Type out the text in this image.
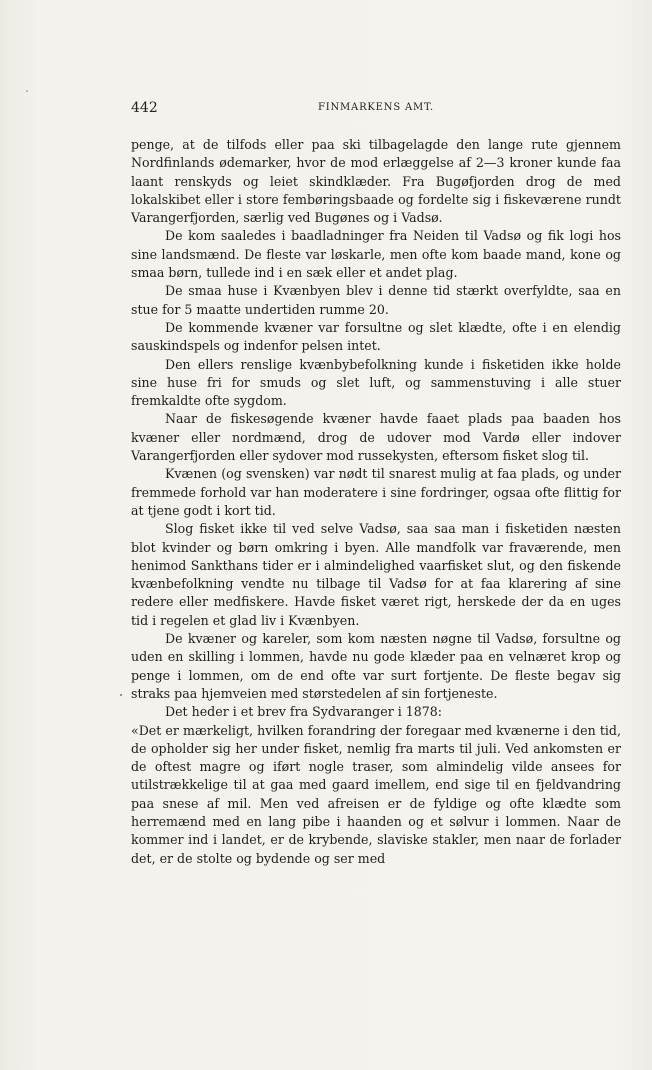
442	FINMARKENS AMT.

penge, at de tilfods eller paa ski tilbagelagde den lange rute gjennem Nordfinlands ødemarker, hvor de mod erlæggelse af 2—3 kroner kunde faa laant renskyds og leiet skindklæder. Fra Bugøfjorden drog de med lokalskibet eller i store fembøringsbaade og fordelte sig i fiskeværene rundt Varangerfjorden, særlig ved Bugønes og i Vadsø.

De kom saaledes i baadladninger fra Neiden til Vadsø og fik logi hos sine landsmænd. De fleste var løskarle, men ofte kom baade mand, kone og smaa børn, tullede ind i en sæk eller et andet plag.

De smaa huse i Kvænbyen blev i denne tid stærkt overfyldte, saa en stue for 5 maatte undertiden rumme 20.

De kommende kvæner var forsultne og slet klædte, ofte i en elendig sauskindspels og indenfor pelsen intet.

Den ellers renslige kvænbybefolkning kunde i fisketiden ikke holde sine huse fri for smuds og slet luft, og sammenstuving i alle stuer fremkaldte ofte sygdom.

Naar de fiskesøgende kvæner havde faaet plads paa baaden hos kvæner eller nordmænd, drog de udover mod Vardø eller indover Varangerfjorden eller sydover mod russekysten, eftersom fisket slog til.

Kvænen (og svensken) var nødt til snarest mulig at faa plads, og under fremmede forhold var han moderatere i sine fordringer, ogsaa ofte flittig for at tjene godt i kort tid.

Slog fisket ikke til ved selve Vadsø, saa saa man i fisketiden næsten blot kvinder og børn omkring i byen. Alle mandfolk var fraværende, men henimod Sankthans tider er i almindelighed vaarfisket slut, og den fiskende kvænbefolkning vendte nu tilbage til Vadsø for at faa klarering af sine redere eller medfiskere. Havde fisket været rigt, herskede der da en uges tid i regelen et glad liv i Kvænbyen.

De kvæner og kareler, som kom næsten nøgne til Vadsø, forsultne og uden en skilling i lommen, havde nu gode klæder paa en velnæret krop og penge i lommen, om de end ofte var surt fortjente. De fleste begav sig straks paa hjemveien med størstedelen af sin fortjeneste.

Det heder i et brev fra Sydvaranger i 1878:

«Det er mærkeligt, hvilken forandring der foregaar med kvænerne i den tid, de opholder sig her under fisket, nemlig fra marts til juli. Ved ankomsten er de oftest magre og iført nogle traser, som almindelig vilde ansees for utilstrækkelige til at gaa med gaard imellem, end sige til en fjeldvandring paa snese af mil. Men ved afreisen er de fyldige og ofte klædte som herremænd med en lang pibe i haanden og et sølvur i lommen. Naar de kommer ind i landet, er de krybende, slaviske stakler, men naar de forlader det, er de stolte og bydende og ser med
